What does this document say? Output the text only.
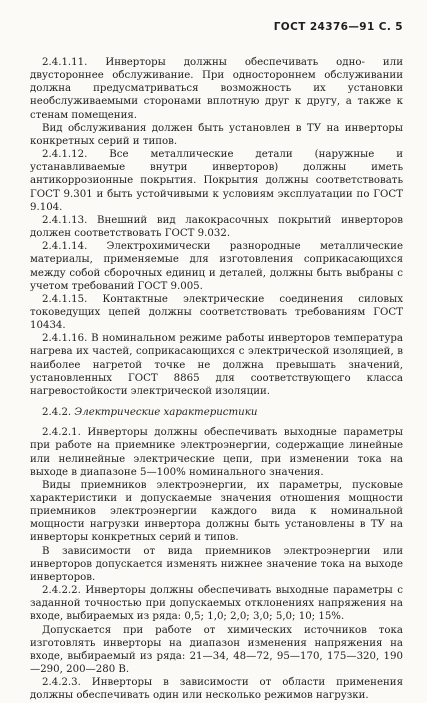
ГОСТ 24376—91 С. 5

2.4.1.11. Инверторы должны обеспечивать одно- или двустороннее обслуживание. При одностороннем обслуживании должна предусматриваться возможность их установки необслуживаемыми сторонами вплотную друг к другу, а также к стенам помещения.

Вид обслуживания должен быть установлен в ТУ на инверторы конкретных серий и типов.

2.4.1.12. Все металлические детали (наружные и устанавливаемые внутри инверторов) должны иметь антикоррозионные покрытия. Покрытия должны соответствовать ГОСТ 9.301 и быть устойчивыми к условиям эксплуатации по ГОСТ 9.104.

2.4.1.13. Внешний вид лакокрасочных покрытий инверторов должен соответствовать ГОСТ 9.032.

2.4.1.14. Электрохимически разнородные металлические материалы, применяемые для изготовления соприкасающихся между собой сборочных единиц и деталей, должны быть выбраны с учетом требований ГОСТ 9.005.

2.4.1.15. Контактные электрические соединения силовых токоведущих цепей должны соответствовать требованиям ГОСТ 10434.

2.4.1.16. В номинальном режиме работы инверторов температура нагрева их частей, соприкасающихся с электрической изоляцией, в наиболее нагретой точке не должна превышать значений, установленных ГОСТ 8865 для соответствующего класса нагревостойкости электрической изоляции.

2.4.2. Электрические характеристики

2.4.2.1. Инверторы должны обеспечивать выходные параметры при работе на приемнике электроэнергии, содержащие линейные или нелинейные электрические цепи, при изменении тока на выходе в диапазоне 5—100% номинального значения.

Виды приемников электроэнергии, их параметры, пусковые характеристики и допускаемые значения отношения мощности приемников электроэнергии каждого вида к номинальной мощности нагрузки инвертора должны быть установлены в ТУ на инверторы конкретных серий и типов.

В зависимости от вида приемников электроэнергии или инверторов допускается изменять нижнее значение тока на выходе инверторов.

2.4.2.2. Инверторы должны обеспечивать выходные параметры с заданной точностью при допускаемых отклонениях напряжения на входе, выбираемых из ряда: 0,5; 1,0; 2,0; 3,0; 5,0; 10; 15%.

Допускается при работе от химических источников тока изготовлять инверторы на диапазон изменения напряжения на входе, выбираемый из ряда: 21—34, 48—72, 95—170, 175—320, 190—290, 200—280 В.

2.4.2.3. Инверторы в зависимости от области применения должны обеспечивать один или несколько режимов нагрузки.
